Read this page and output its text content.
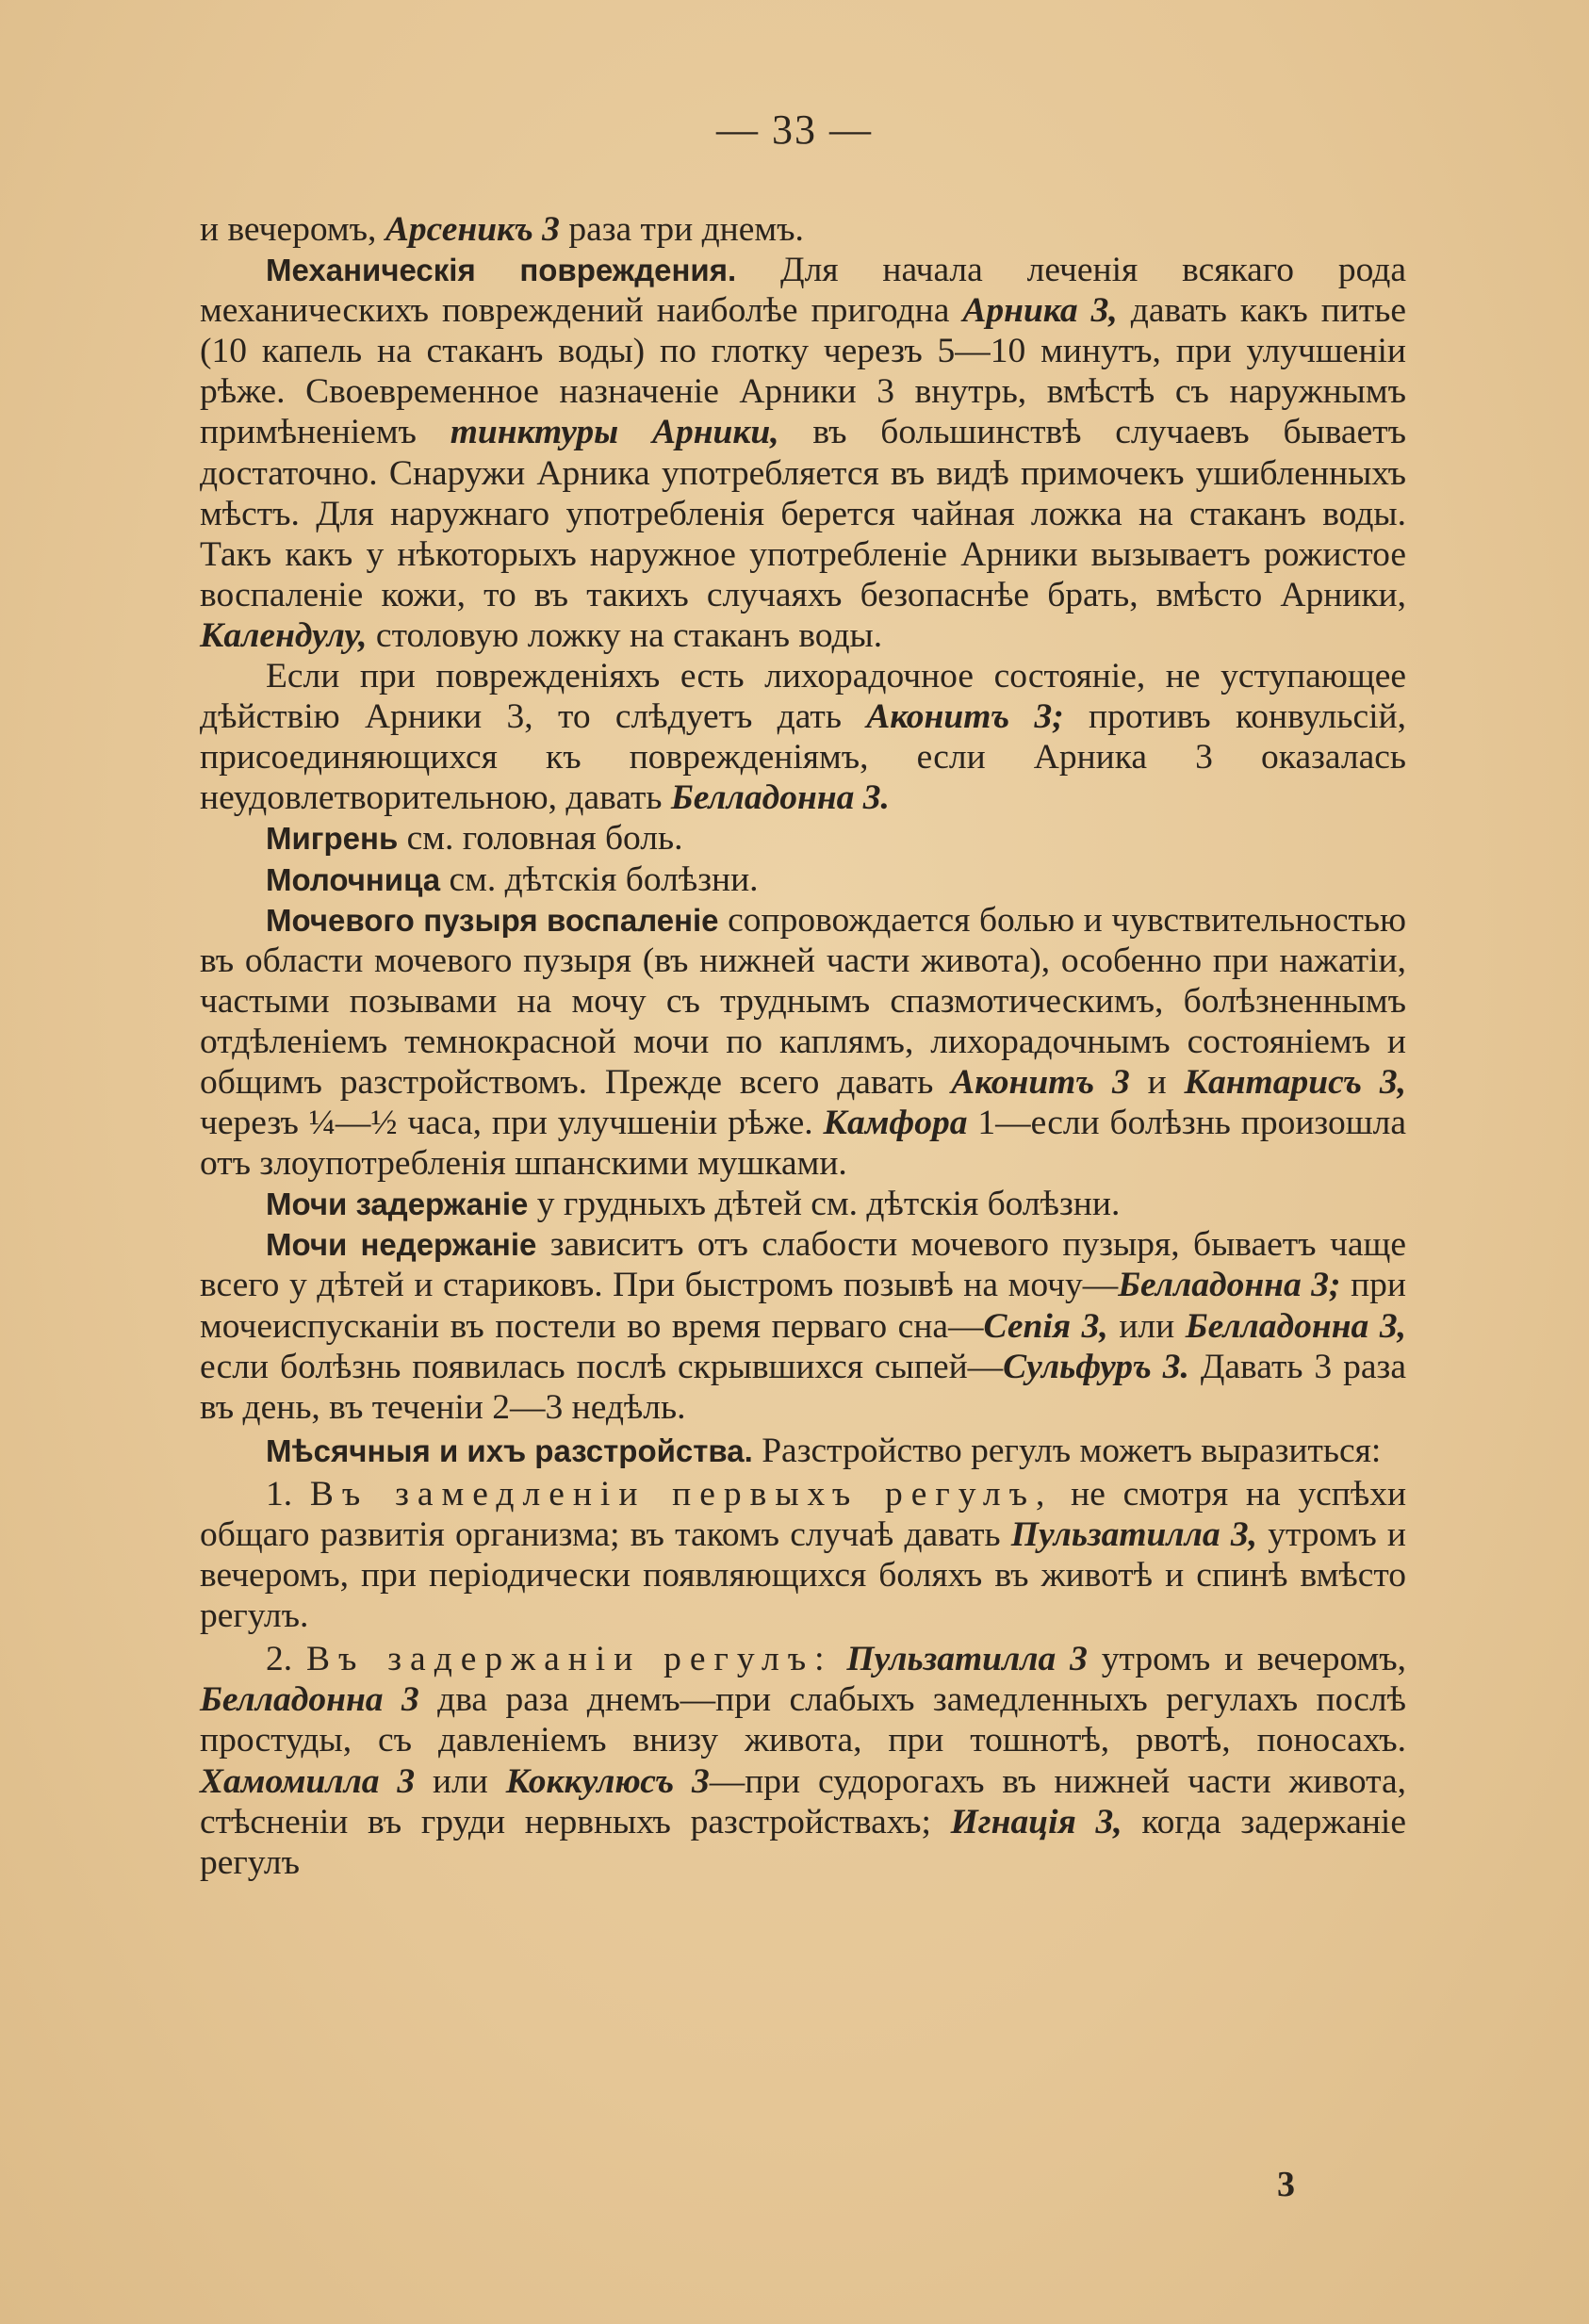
— 33 —

и вечеромъ, Арсеникъ 3 раза три днемъ.

Механическія повреждения. Для начала леченія всякаго рода механическихъ повреждений наиболѣе пригодна Арника 3, давать какъ питье (10 капель на стаканъ воды) по глотку черезъ 5—10 минутъ, при улучшеніи рѣже. Своевременное назначеніе Арники 3 внутрь, вмѣстѣ съ наружнымъ примѣненіемъ тинктуры Арники, въ большинствѣ случаевъ бываетъ достаточно. Снаружи Арника употребляется въ видѣ примочекъ ушибленныхъ мѣстъ. Для наружнаго употребленія берется чайная ложка на стаканъ воды. Такъ какъ у нѣкоторыхъ наружное употребленіе Арники вызываетъ рожистое воспаленіе кожи, то въ такихъ случаяхъ безопаснѣе брать, вмѣсто Арники, Календулу, столовую ложку на стаканъ воды.

Если при поврежденіяхъ есть лихорадочное состояніе, не уступающее дѣйствію Арники 3, то слѣдуетъ дать Аконитъ 3; противъ конвульсій, присоединяющихся къ поврежденіямъ, если Арника 3 оказалась неудовлетворительною, давать Белладонна 3.

Мигрень см. головная боль.

Молочница см. дѣтскія болѣзни.

Мочевого пузыря воспаленіе сопровождается болью и чувствительностью въ области мочевого пузыря (въ нижней части живота), особенно при нажатіи, частыми позывами на мочу съ труднымъ спазмотическимъ, болѣзненнымъ отдѣленіемъ темнокрасной мочи по каплямъ, лихорадочнымъ состояніемъ и общимъ разстройствомъ. Прежде всего давать Аконитъ 3 и Кантарисъ 3, черезъ ¼—½ часа, при улучшеніи рѣже. Камфора 1—если болѣзнь произошла отъ злоупотребленія шпанскими мушками.

Мочи задержаніе у грудныхъ дѣтей см. дѣтскія болѣзни.

Мочи недержаніе зависитъ отъ слабости мочевого пузыря, бываетъ чаще всего у дѣтей и стариковъ. При быстромъ позывѣ на мочу—Белладонна 3; при мочеиспусканіи въ постели во время перваго сна—Сепія 3, или Белладонна 3, если болѣзнь появилась послѣ скрывшихся сыпей—Сульфуръ 3. Давать 3 раза въ день, въ теченіи 2—3 недѣль.

Мѣсячныя и ихъ разстройства. Разстройство регулъ можетъ выразиться:

1. Въ замедленіи первыхъ регулъ, не смотря на успѣхи общаго развитія организма; въ такомъ случаѣ давать Пульзатилла 3, утромъ и вечеромъ, при періодически появляющихся боляхъ въ животѣ и спинѣ вмѣсто регулъ.

2. Въ задержаніи регулъ: Пульзатилла 3 утромъ и вечеромъ, Белладонна 3 два раза днемъ—при слабыхъ замедленныхъ регулахъ послѣ простуды, съ давленіемъ внизу живота, при тошнотѣ, рвотѣ, поносахъ. Хамомилла 3 или Коккулюсъ 3—при судорогахъ въ нижней части живота, стѣсненіи въ груди нервныхъ разстройствахъ; Игнація 3, когда задержаніе регулъ

3
